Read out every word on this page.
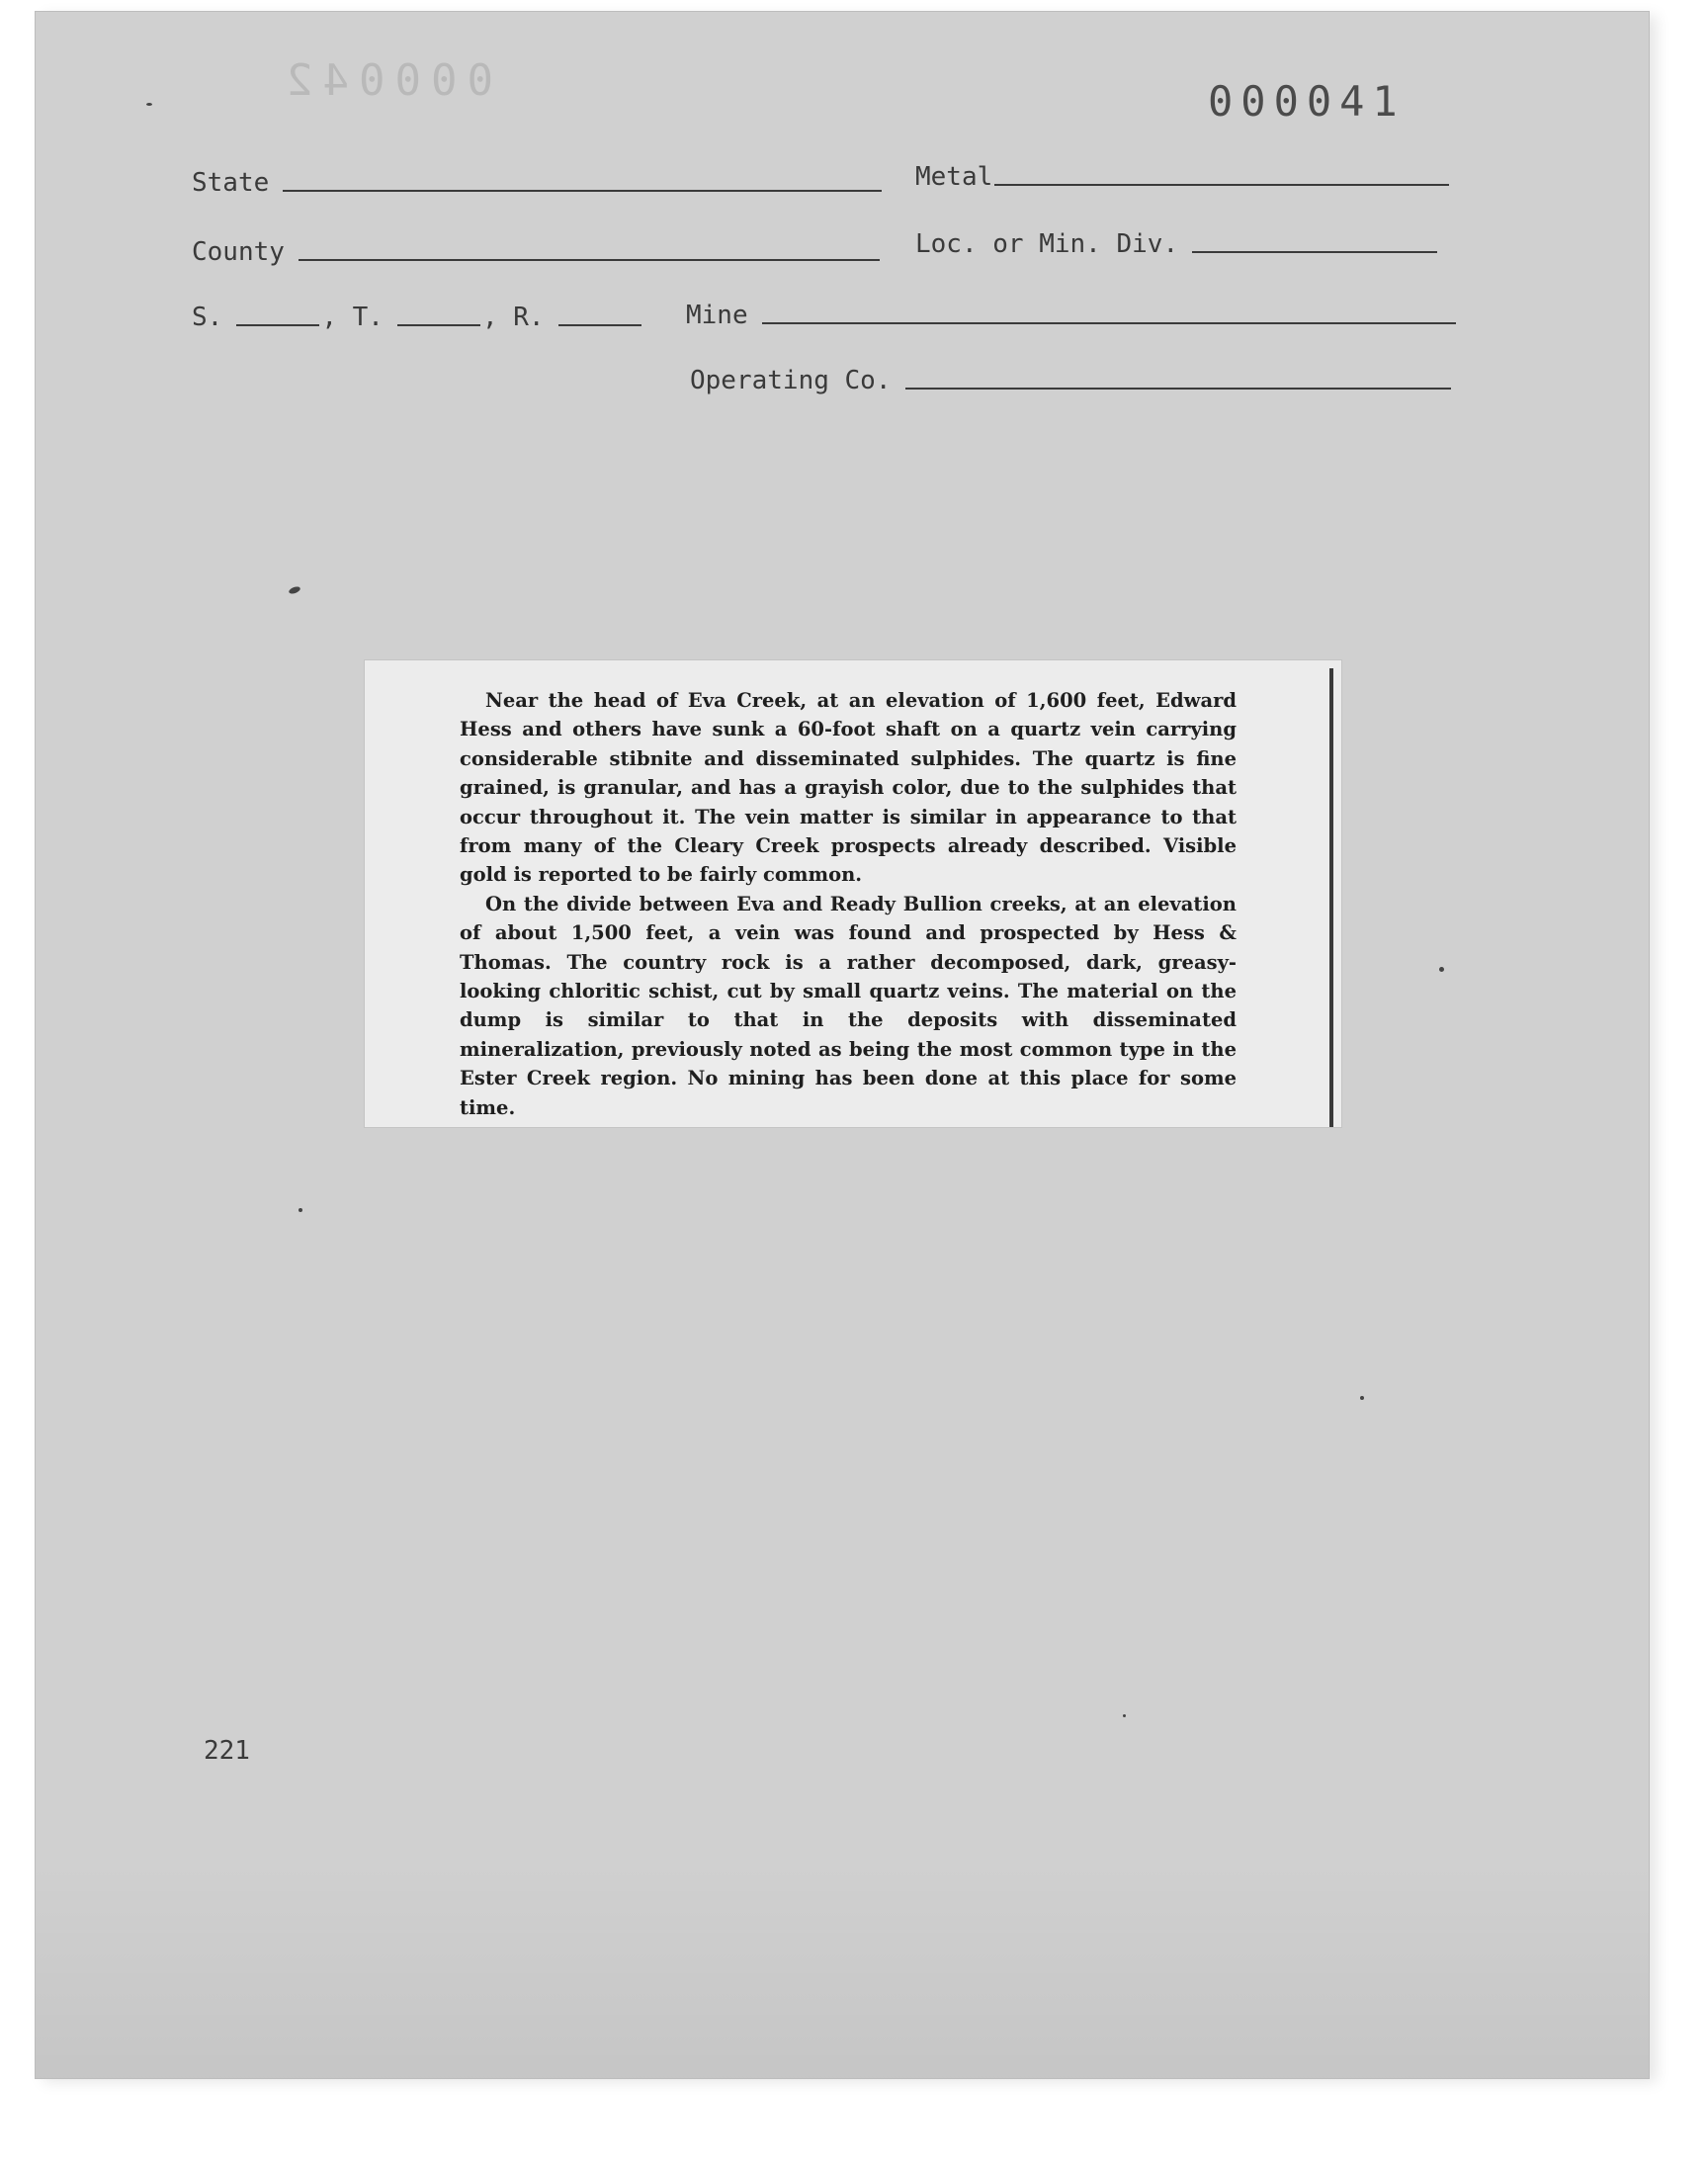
000042	000041
State	Metal
County	Loc. or Min. Div.
S.	, T.	, R.	Mine
Operating Co.

Near the head of Eva Creek, at an elevation of 1,600 feet, Edward Hess and others have sunk a 60-foot shaft on a quartz vein carrying considerable stibnite and disseminated sulphides. The quartz is fine grained, is granular, and has a grayish color, due to the sulphides that occur throughout it. The vein matter is similar in appearance to that from many of the Cleary Creek prospects already described. Visible gold is reported to be fairly common.

On the divide between Eva and Ready Bullion creeks, at an elevation of about 1,500 feet, a vein was found and prospected by Hess & Thomas. The country rock is a rather decomposed, dark, greasy-looking chloritic schist, cut by small quartz veins. The material on the dump is similar to that in the deposits with disseminated mineralization, previously noted as being the most common type in the Ester Creek region. No mining has been done at this place for some time.

221
